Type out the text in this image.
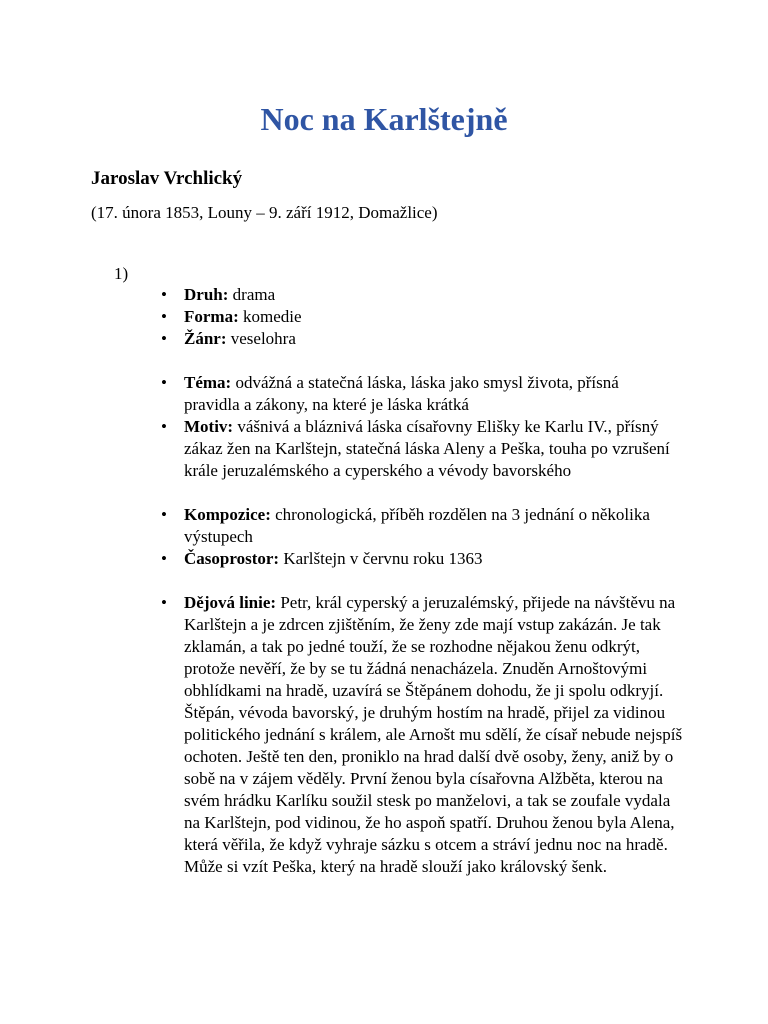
Noc na Karlštejně
Jaroslav Vrchlický
(17. února 1853, Louny – 9. září 1912, Domažlice)
1)
• Druh: drama
• Forma: komedie
• Žánr: veselohra
• Téma: odvážná a statečná láska, láska jako smysl života, přísná pravidla a zákony, na které je láska krátká
• Motiv: vášnivá a bláznivá láska císařovny Elišky ke Karlu IV., přísný zákaz žen na Karlštejn, statečná láska Aleny a Peška, touha po vzrušení krále jeruzalémského a cyperského a vévody bavorského
• Kompozice: chronologická, příběh rozdělen na 3 jednání o několika výstupech
• Časoprostor: Karlštejn v červnu roku 1363
• Dějová linie: Petr, král cyperský a jeruzalémský, přijede na návštěvu na Karlštejn a je zdrcen zjištěním, že ženy zde mají vstup zakázán. Je tak zklamán, a tak po jedné touží, že se rozhodne nějakou ženu odkrýt, protože nevěří, že by se tu žádná nenacházela. Znuděn Arnoštovými obhlídkami na hradě, uzavírá se Štěpánem dohodu, že ji spolu odkryjí. Štěpán, vévoda bavorský, je druhým hostím na hradě, přijel za vidinou politického jednání s králem, ale Arnošt mu sdělí, že císař nebude nejspíš ochoten. Ještě ten den, proniklo na hrad další dvě osoby, ženy, aniž by o sobě na v zájem věděly. První ženou byla císařovna Alžběta, kterou na svém hrádku Karlíku soužil stesk po manželovi, a tak se zoufale vydala na Karlštejn, pod vidinou, že ho aspoň spatří. Druhou ženou byla Alena, která věřila, že když vyhraje sázku s otcem a stráví jednu noc na hradě. Může si vzít Peška, který na hradě slouží jako královský šenk.
